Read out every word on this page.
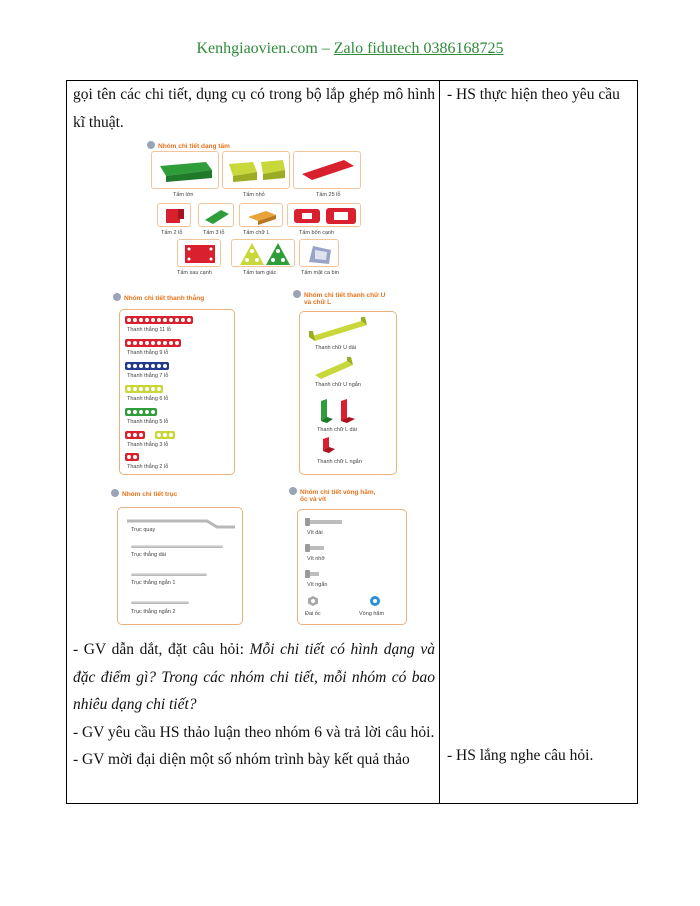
Kenhgiaovien.com – Zalo fidutech 0386168725

gọi tên các chi tiết, dụng cụ có trong bộ lắp ghép mô hình kĩ thuật.

Nhóm chi tiết dạng tấm
Tấm lớn	Tấm nhỏ	Tấm 25 lỗ
Tấm 2 lỗ	Tấm 3 lỗ	Tấm chữ L	Tấm bốn cạnh
Tấm sau cạnh	Tấm tam giác	Tấm mặt ca bin
Nhóm chi tiết thanh thẳng
Thanh thẳng 11 lỗ
Thanh thẳng 9 lỗ
Thanh thẳng 7 lỗ
Thanh thẳng 6 lỗ
Thanh thẳng 5 lỗ
Thanh thẳng 3 lỗ
Thanh thẳng 2 lỗ
Nhóm chi tiết thanh chữ U
và chữ L
Thanh chữ U dài
Thanh chữ U ngắn
Thanh chữ L dài
Thanh chữ L ngắn
Nhóm chi tiết trục
Trục quay
Trục thẳng dài
Trục thẳng ngắn 1
Trục thẳng ngắn 2
Nhóm chi tiết vòng hãm,
ốc và vít
Vít dài
Vít nhỡ
Vít ngắn
Đai ốc	Vòng hãm

- GV dẫn dắt, đặt câu hỏi: Mỗi chi tiết có hình dạng và đặc điểm gì? Trong các nhóm chi tiết, mỗi nhóm có bao nhiêu dạng chi tiết?

- GV yêu cầu HS thảo luận theo nhóm 6 và trả lời câu hỏi.

- GV mời đại diện một số nhóm trình bày kết quả thảo

- HS thực hiện theo yêu cầu

- HS lắng nghe câu hỏi.
